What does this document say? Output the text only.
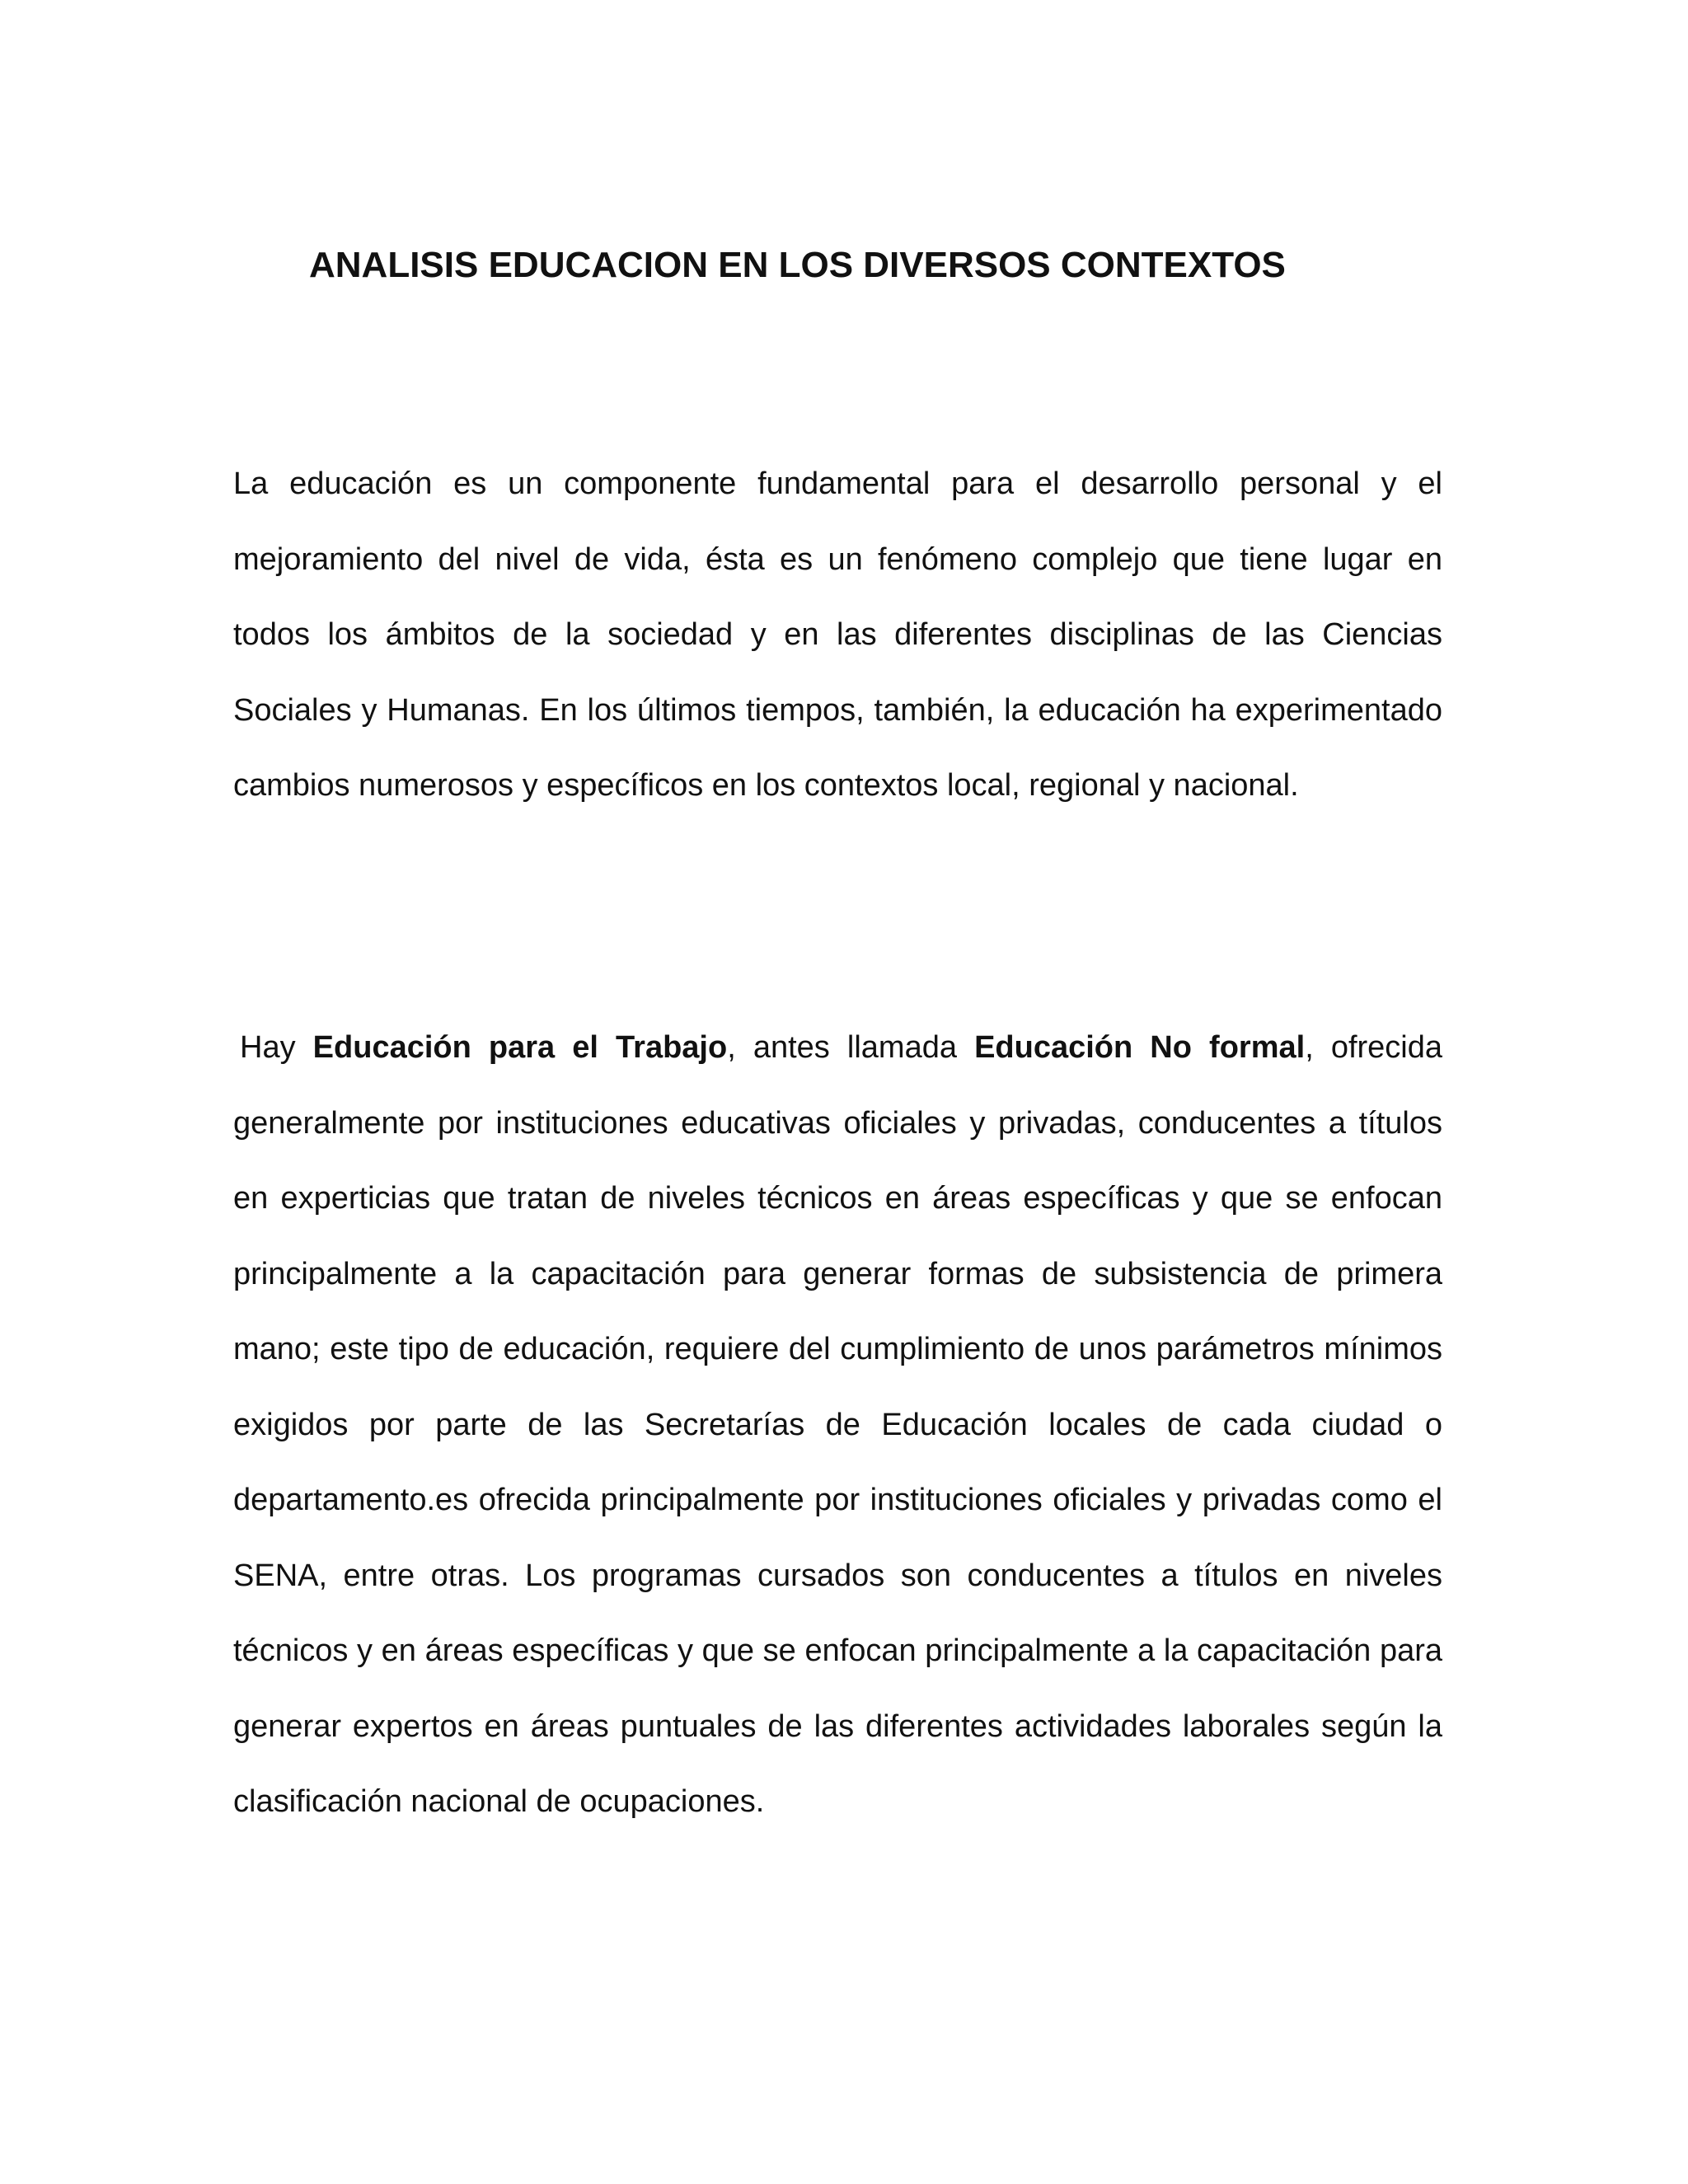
ANALISIS EDUCACION EN LOS DIVERSOS CONTEXTOS

La educación es un componente fundamental para el desarrollo personal y el mejoramiento del nivel de vida, ésta es un fenómeno complejo que tiene lugar en todos los ámbitos de la sociedad y en las diferentes disciplinas de las Ciencias Sociales y Humanas. En los últimos tiempos, también, la educación ha experimentado cambios numerosos y específicos en los contextos local, regional y nacional.

Hay Educación para el Trabajo, antes llamada Educación No formal, ofrecida generalmente por instituciones educativas oficiales y privadas, conducentes a títulos en experticias que tratan de niveles técnicos en áreas específicas y que se enfocan principalmente a la capacitación para generar formas de subsistencia de primera mano; este tipo de educación, requiere del cumplimiento de unos parámetros mínimos exigidos por parte de las Secretarías de Educación locales de cada ciudad o departamento.es ofrecida principalmente por instituciones oficiales y privadas como el SENA, entre otras. Los programas cursados son conducentes a títulos en niveles técnicos y en áreas específicas y que se enfocan principalmente a la capacitación para generar expertos en áreas puntuales de las diferentes actividades laborales según la clasificación nacional de ocupaciones.
